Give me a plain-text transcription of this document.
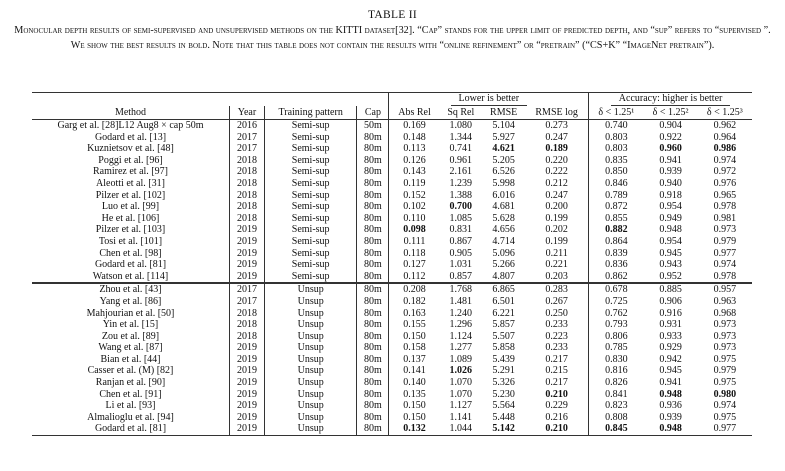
TABLE II
Monocular depth results of semi-supervised and unsupervised methods on the KITTI dataset[32]. “Cap” stands for the upper limit of predicted depth, and “sup” refers to “supervised ”. We show the best results in bold. Note that this table does not contain the results with “online refinement” or “pretrain” (“CS+K” “ImageNet pretrain”).
				Lower is better				Accuracy: higher is better		
Method	Year	Training pattern	Cap	Abs Rel	Sq Rel	RMSE	RMSE log	δ < 1.25¹	δ < 1.25²	δ < 1.25³
Garg et al. [28]L12 Aug8 × cap 50m	2016	Semi-sup	50m	0.169	1.080	5.104	0.273	0.740	0.904	0.962
Godard et al. [13]	2017	Semi-sup	80m	0.148	1.344	5.927	0.247	0.803	0.922	0.964
Kuznietsov et al. [48]	2017	Semi-sup	80m	0.113	0.741	4.621	0.189	0.803	0.960	0.986
Poggi et al. [96]	2018	Semi-sup	80m	0.126	0.961	5.205	0.220	0.835	0.941	0.974
Ramirez et al. [97]	2018	Semi-sup	80m	0.143	2.161	6.526	0.222	0.850	0.939	0.972
Aleotti et al. [31]	2018	Semi-sup	80m	0.119	1.239	5.998	0.212	0.846	0.940	0.976
Pilzer et al. [102]	2018	Semi-sup	80m	0.152	1.388	6.016	0.247	0.789	0.918	0.965
Luo et al. [99]	2018	Semi-sup	80m	0.102	0.700	4.681	0.200	0.872	0.954	0.978
He et al. [106]	2018	Semi-sup	80m	0.110	1.085	5.628	0.199	0.855	0.949	0.981
Pilzer et al. [103]	2019	Semi-sup	80m	0.098	0.831	4.656	0.202	0.882	0.948	0.973
Tosi et al. [101]	2019	Semi-sup	80m	0.111	0.867	4.714	0.199	0.864	0.954	0.979
Chen et al. [98]	2019	Semi-sup	80m	0.118	0.905	5.096	0.211	0.839	0.945	0.977
Godard et al. [81]	2019	Semi-sup	80m	0.127	1.031	5.266	0.221	0.836	0.943	0.974
Watson et al. [114]	2019	Semi-sup	80m	0.112	0.857	4.807	0.203	0.862	0.952	0.978
Zhou et al. [43]	2017	Unsup	80m	0.208	1.768	6.865	0.283	0.678	0.885	0.957
Yang et al. [86]	2017	Unsup	80m	0.182	1.481	6.501	0.267	0.725	0.906	0.963
Mahjourian et al. [50]	2018	Unsup	80m	0.163	1.240	6.221	0.250	0.762	0.916	0.968
Yin et al. [15]	2018	Unsup	80m	0.155	1.296	5.857	0.233	0.793	0.931	0.973
Zou et al. [89]	2018	Unsup	80m	0.150	1.124	5.507	0.223	0.806	0.933	0.973
Wang et al. [87]	2019	Unsup	80m	0.158	1.277	5.858	0.233	0.785	0.929	0.973
Bian et al. [44]	2019	Unsup	80m	0.137	1.089	5.439	0.217	0.830	0.942	0.975
Casser et al. (M) [82]	2019	Unsup	80m	0.141	1.026	5.291	0.215	0.816	0.945	0.979
Ranjan et al. [90]	2019	Unsup	80m	0.140	1.070	5.326	0.217	0.826	0.941	0.975
Chen et al. [91]	2019	Unsup	80m	0.135	1.070	5.230	0.210	0.841	0.948	0.980
Li et al. [93]	2019	Unsup	80m	0.150	1.127	5.564	0.229	0.823	0.936	0.974
Almalioglu et al. [94]	2019	Unsup	80m	0.150	1.141	5.448	0.216	0.808	0.939	0.975
Godard et al. [81]	2019	Unsup	80m	0.132	1.044	5.142	0.210	0.845	0.948	0.977
